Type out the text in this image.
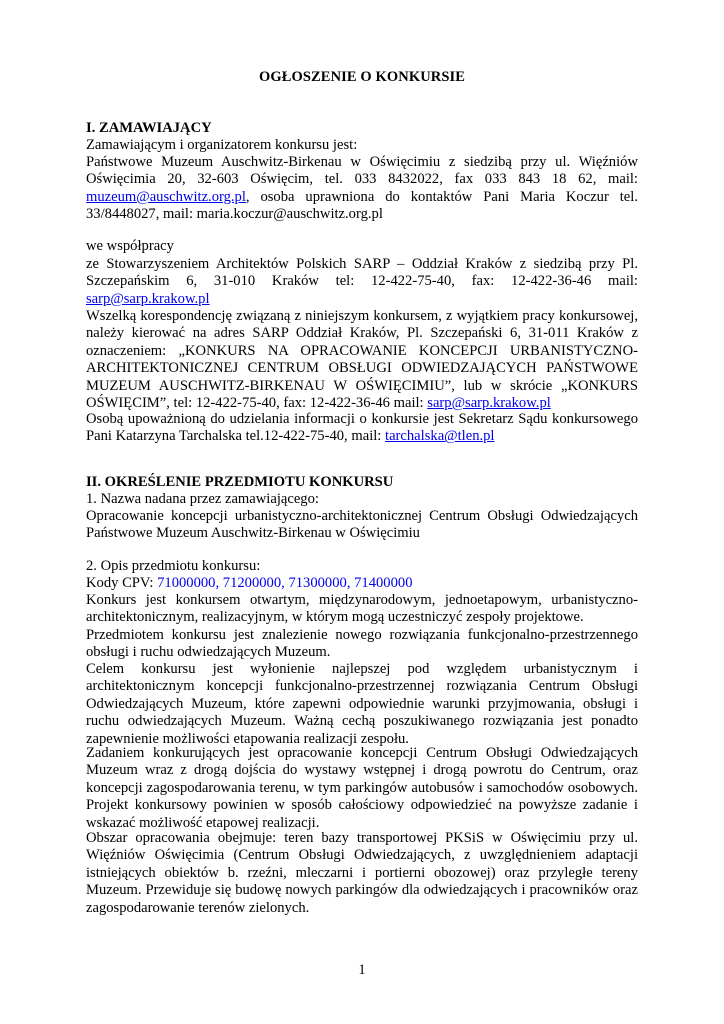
OGŁOSZENIE O KONKURSIE
I. ZAMAWIAJĄCY
Zamawiającym i organizatorem konkursu jest:
Państwowe Muzeum Auschwitz-Birkenau w Oświęcimiu z siedzibą przy ul. Więźniów Oświęcimia 20, 32-603 Oświęcim, tel. 033 8432022, fax 033 843 18 62, mail: muzeum@auschwitz.org.pl, osoba uprawniona do kontaktów Pani Maria Koczur tel. 33/8448027, mail: maria.koczur@auschwitz.org.pl
we współpracy
ze Stowarzyszeniem Architektów Polskich SARP – Oddział Kraków z siedzibą przy Pl. Szczepańskim 6, 31-010 Kraków tel: 12-422-75-40, fax: 12-422-36-46 mail: sarp@sarp.krakow.pl
Wszelką korespondencję związaną z niniejszym konkursem, z wyjątkiem pracy konkursowej, należy kierować na adres SARP Oddział Kraków, Pl. Szczepański 6, 31-011 Kraków z oznaczeniem: „KONKURS NA OPRACOWANIE KONCEPCJI URBANISTYCZNO-ARCHITEKTONICZNEJ CENTRUM OBSŁUGI ODWIEDZAJĄCYCH PAŃSTWOWE MUZEUM AUSCHWITZ-BIRKENAU W OŚWIĘCIMIU”, lub w skrócie „KONKURS OŚWIĘCIM”, tel: 12-422-75-40, fax: 12-422-36-46 mail: sarp@sarp.krakow.pl
Osobą upoważnioną do udzielania informacji o konkursie jest Sekretarz Sądu konkursowego Pani Katarzyna Tarchalska tel.12-422-75-40, mail: tarchalska@tlen.pl
II. OKREŚLENIE PRZEDMIOTU KONKURSU
1. Nazwa nadana przez zamawiającego:
Opracowanie koncepcji urbanistyczno-architektonicznej Centrum Obsługi Odwiedzających Państwowe Muzeum Auschwitz-Birkenau w Oświęcimiu
2. Opis przedmiotu konkursu:
Kody CPV: 71000000, 71200000, 71300000, 71400000
Konkurs jest konkursem otwartym, międzynarodowym, jednoetapowym, urbanistyczno-architektonicznym, realizacyjnym, w którym mogą uczestniczyć zespoły projektowe.
Przedmiotem konkursu jest znalezienie nowego rozwiązania funkcjonalno-przestrzennego obsługi i ruchu odwiedzających Muzeum.
Celem konkursu jest wyłonienie najlepszej pod względem urbanistycznym i architektonicznym koncepcji funkcjonalno-przestrzennej rozwiązania Centrum Obsługi Odwiedzających Muzeum, które zapewni odpowiednie warunki przyjmowania, obsługi i ruchu odwiedzających Muzeum. Ważną cechą poszukiwanego rozwiązania jest ponadto zapewnienie możliwości etapowania realizacji zespołu.
Zadaniem konkurujących jest opracowanie koncepcji Centrum Obsługi Odwiedzających Muzeum wraz z drogą dojścia do wystawy wstępnej i drogą powrotu do Centrum, oraz koncepcji zagospodarowania terenu, w tym parkingów autobusów i samochodów osobowych. Projekt konkursowy powinien w sposób całościowy odpowiedzieć na powyższe zadanie i wskazać możliwość etapowej realizacji.
Obszar opracowania obejmuje: teren bazy transportowej PKSiS w Oświęcimiu przy ul. Więźniów Oświęcimia (Centrum Obsługi Odwiedzających, z uwzględnieniem adaptacji istniejących obiektów b. rzeźni, mleczarni i portierni obozowej) oraz przyległe tereny Muzeum. Przewiduje się budowę nowych parkingów dla odwiedzających i pracowników oraz zagospodarowanie terenów zielonych.
1
